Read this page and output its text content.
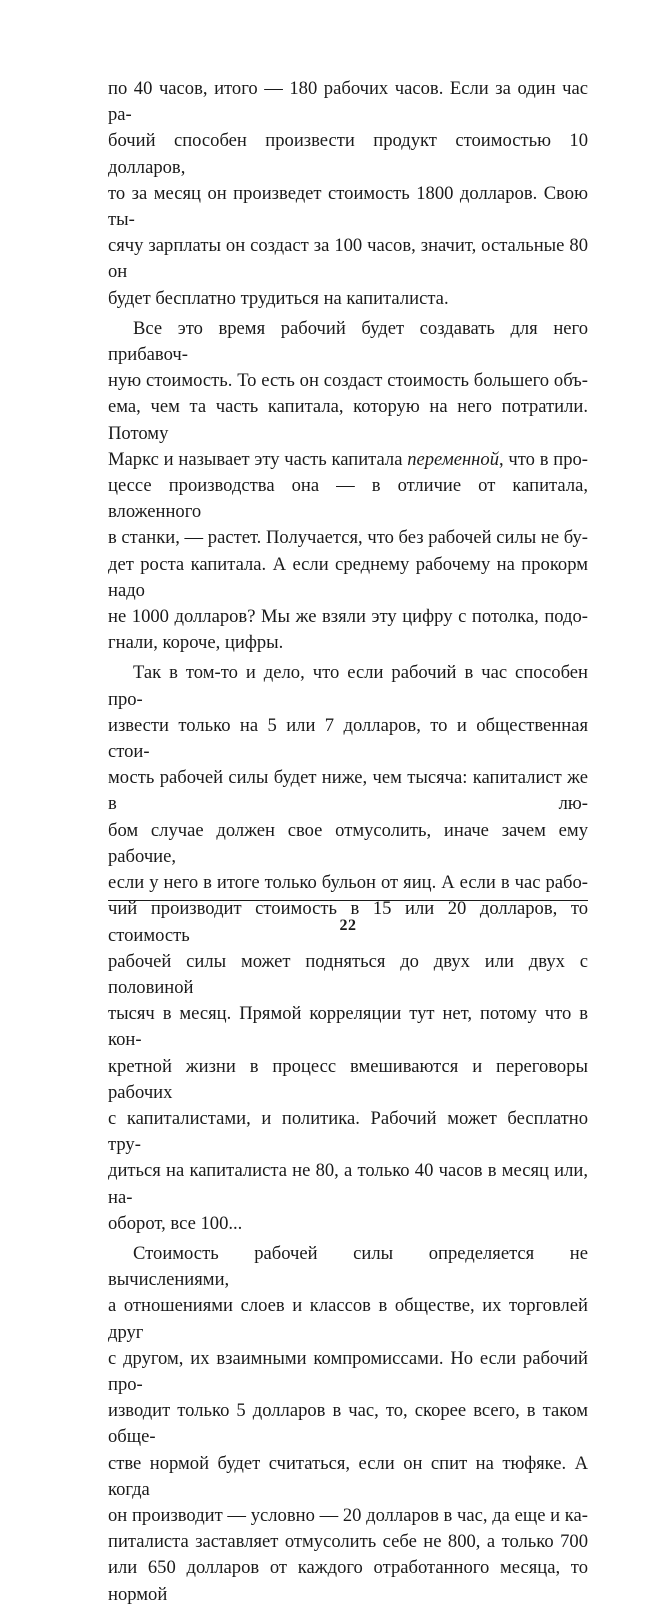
по 40 часов, итого — 180 рабочих часов. Если за один час ра-
бочий способен произвести продукт стоимостью 10 долларов,
то за месяц он произведет стоимость 1800 долларов. Свою ты-
сячу зарплаты он создаст за 100 часов, значит, остальные 80 он
будет бесплатно трудиться на капиталиста.

Все это время рабочий будет создавать для него прибавоч-
ную стоимость. То есть он создаст стоимость большего объ-
ема, чем та часть капитала, которую на него потратили. Потому
Маркс и называет эту часть капитала переменной, что в про-
цессе производства она — в отличие от капитала, вложенного
в станки, — растет. Получается, что без рабочей силы не бу-
дет роста капитала. А если среднему рабочему на прокорм надо
не 1000 долларов? Мы же взяли эту цифру с потолка, подо-
гнали, короче, цифры.

Так в том-то и дело, что если рабочий в час способен про-
извести только на 5 или 7 долларов, то и общественная стои-
мость рабочей силы будет ниже, чем тысяча: капиталист же в лю-
бом случае должен свое отмусолить, иначе зачем ему рабочие,
если у него в итоге только бульон от яиц. А если в час рабо-
чий производит стоимость в 15 или 20 долларов, то стоимость
рабочей силы может подняться до двух или двух с половиной
тысяч в месяц. Прямой корреляции тут нет, потому что в кон-
кретной жизни в процесс вмешиваются и переговоры рабочих
с капиталистами, и политика. Рабочий может бесплатно тру-
диться на капиталиста не 80, а только 40 часов в месяц или, на-
оборот, все 100...

Стоимость рабочей силы определяется не вычислениями,
а отношениями слоев и классов в обществе, их торговлей друг
с другом, их взаимными компромиссами. Но если рабочий про-
изводит только 5 долларов в час, то, скорее всего, в таком обще-
стве нормой будет считаться, если он спит на тюфяке. А когда
он производит — условно — 20 долларов в час, да еще и ка-
питалиста заставляет отмусолить себе не 800, а только 700
или 650 долларов от каждого отработанного месяца, то нормой

22
